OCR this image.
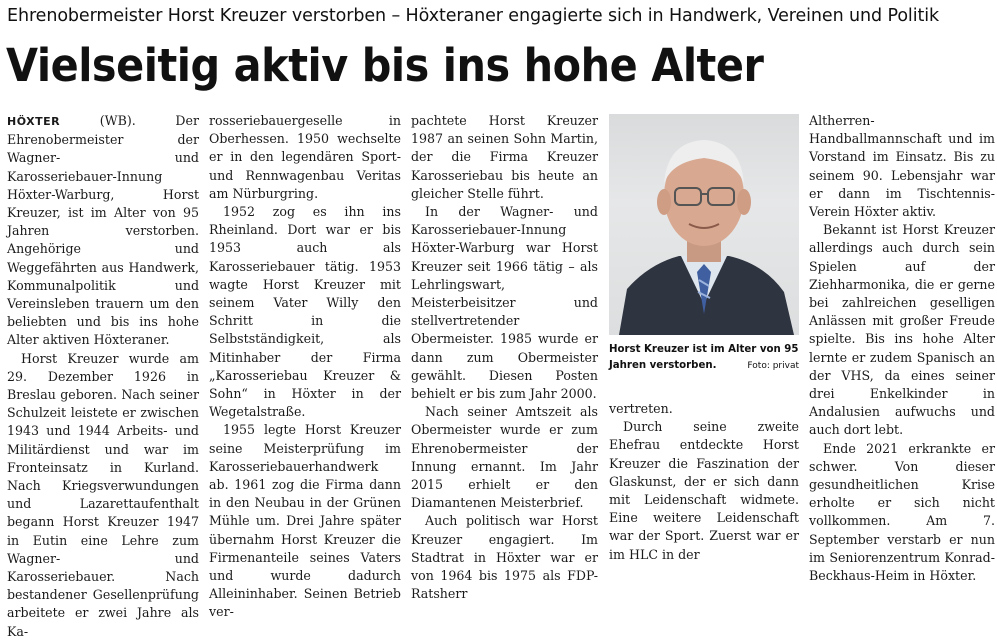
Ehrenobermeister Horst Kreuzer verstorben – Höxteraner engagierte sich in Handwerk, Vereinen und Politik
Vielseitig aktiv bis ins hohe Alter

HÖXTER	(WB).	Der Ehrenobermeister der Wagner- und Karosseriebauer-Innung Höxter-Warburg, Horst Kreuzer, ist im Alter von 95 Jahren verstorben. Angehörige und Weggefährten aus Handwerk, Kommunalpolitik und Vereinsleben trauern um den beliebten und bis ins hohe Alter aktiven Höxteraner.

Horst Kreuzer wurde am 29. Dezember 1926 in Breslau geboren. Nach seiner Schulzeit leistete er zwischen 1943 und 1944 Arbeits- und Militärdienst und war im Fronteinsatz in Kurland. Nach Kriegsverwundungen und Lazarettaufenthalt begann Horst Kreuzer 1947 in Eutin eine Lehre zum Wagner- und Karosseriebauer. Nach bestandener Gesellenprüfung arbeitete er zwei Jahre als Ka-

rosseriebauergeselle in Oberhessen. 1950 wechselte er in den legendären Sport- und Rennwagenbau Veritas am Nürburgring.

1952 zog es ihn ins Rheinland. Dort war er bis 1953 auch als Karosseriebauer tätig. 1953 wagte Horst Kreuzer mit seinem Vater Willy den Schritt in die Selbstständigkeit, als Mitinhaber der Firma „Karosseriebau Kreuzer & Sohn“ in Höxter in der Wegetalstraße.

1955 legte Horst Kreuzer seine Meisterprüfung im Karosseriebauerhandwerk ab. 1961 zog die Firma dann in den Neubau in der Grünen Mühle um. Drei Jahre später übernahm Horst Kreuzer die Firmenanteile seines Vaters und wurde dadurch Alleininhaber. Seinen Betrieb ver-

pachtete Horst Kreuzer 1987 an seinen Sohn Martin, der die Firma Kreuzer Karosseriebau bis heute an gleicher Stelle führt.

In der Wagner- und Karosseriebauer-Innung Höxter-Warburg war Horst Kreuzer seit 1966 tätig – als Lehrlingswart, Meisterbeisitzer und stellvertretender Obermeister. 1985 wurde er dann zum Obermeister gewählt. Diesen Posten behielt er bis zum Jahr 2000.

Nach seiner Amtszeit als Obermeister wurde er zum Ehrenobermeister der Innung ernannt. Im Jahr 2015 erhielt er den Diamantenen Meisterbrief.

Auch politisch war Horst Kreuzer engagiert. Im Stadtrat in Höxter war er von 1964 bis 1975 als FDP-Ratsherr

Horst Kreuzer ist im Alter von 95 Jahren verstorben.	Foto: privat

vertreten.

Durch seine zweite Ehefrau entdeckte Horst Kreuzer die Faszination der Glaskunst, der er sich dann mit Leidenschaft widmete. Eine weitere Leidenschaft war der Sport. Zuerst war er im HLC in der

Altherren-Handballmannschaft und im Vorstand im Einsatz. Bis zu seinem 90. Lebensjahr war er dann im Tischtennis-Verein Höxter aktiv.

Bekannt ist Horst Kreuzer allerdings auch durch sein Spielen auf der Ziehharmonika, die er gerne bei zahlreichen geselligen Anlässen mit großer Freude spielte. Bis ins hohe Alter lernte er zudem Spanisch an der VHS, da eines seiner drei Enkelkinder in Andalusien aufwuchs und auch dort lebt.

Ende 2021 erkrankte er schwer. Von dieser gesundheitlichen Krise erholte er sich nicht vollkommen. Am 7. September verstarb er nun im Seniorenzentrum Konrad-Beckhaus-Heim in Höxter.
